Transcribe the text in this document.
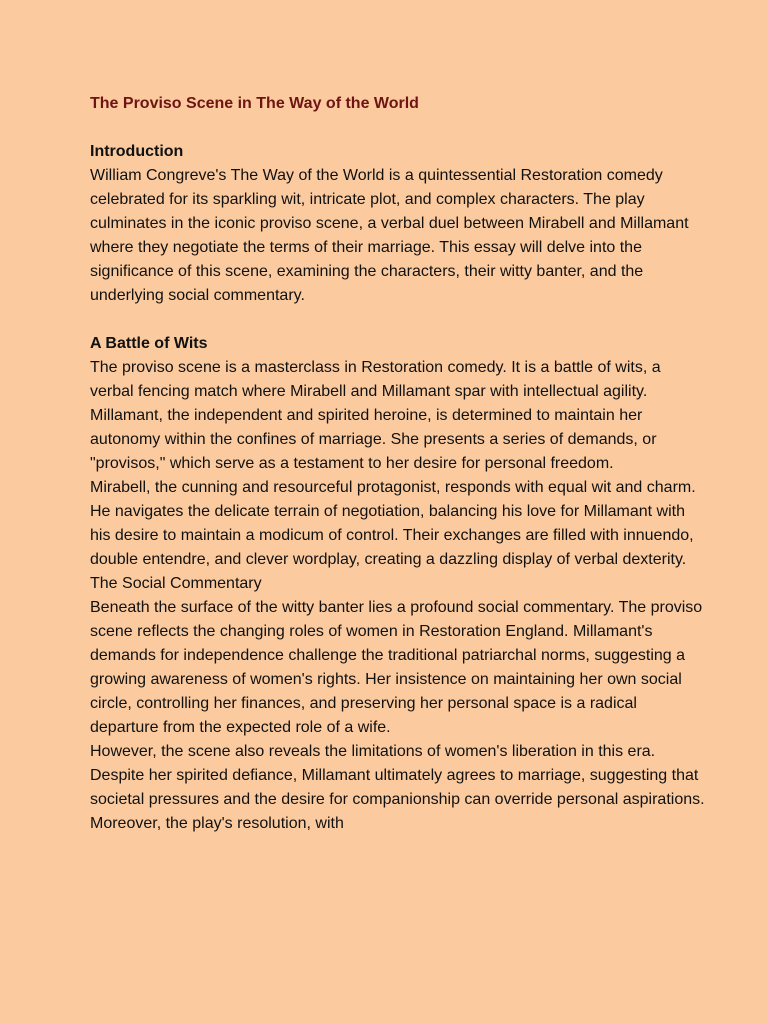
The Proviso Scene in The Way of the World
Introduction

William Congreve's The Way of the World is a quintessential Restoration comedy celebrated for its sparkling wit, intricate plot, and complex characters. The play culminates in the iconic proviso scene, a verbal duel between Mirabell and Millamant where they negotiate the terms of their marriage. This essay will delve into the significance of this scene, examining the characters, their witty banter, and the underlying social commentary.

A Battle of Wits

The proviso scene is a masterclass in Restoration comedy. It is a battle of wits, a verbal fencing match where Mirabell and Millamant spar with intellectual agility. Millamant, the independent and spirited heroine, is determined to maintain her autonomy within the confines of marriage. She presents a series of demands, or "provisos," which serve as a testament to her desire for personal freedom.

Mirabell, the cunning and resourceful protagonist, responds with equal wit and charm. He navigates the delicate terrain of negotiation, balancing his love for Millamant with his desire to maintain a modicum of control. Their exchanges are filled with innuendo, double entendre, and clever wordplay, creating a dazzling display of verbal dexterity.

The Social Commentary

Beneath the surface of the witty banter lies a profound social commentary. The proviso scene reflects the changing roles of women in Restoration England. Millamant's demands for independence challenge the traditional patriarchal norms, suggesting a growing awareness of women's rights. Her insistence on maintaining her own social circle, controlling her finances, and preserving her personal space is a radical departure from the expected role of a wife.

However, the scene also reveals the limitations of women's liberation in this era. Despite her spirited defiance, Millamant ultimately agrees to marriage, suggesting that societal pressures and the desire for companionship can override personal aspirations. Moreover, the play's resolution, with
